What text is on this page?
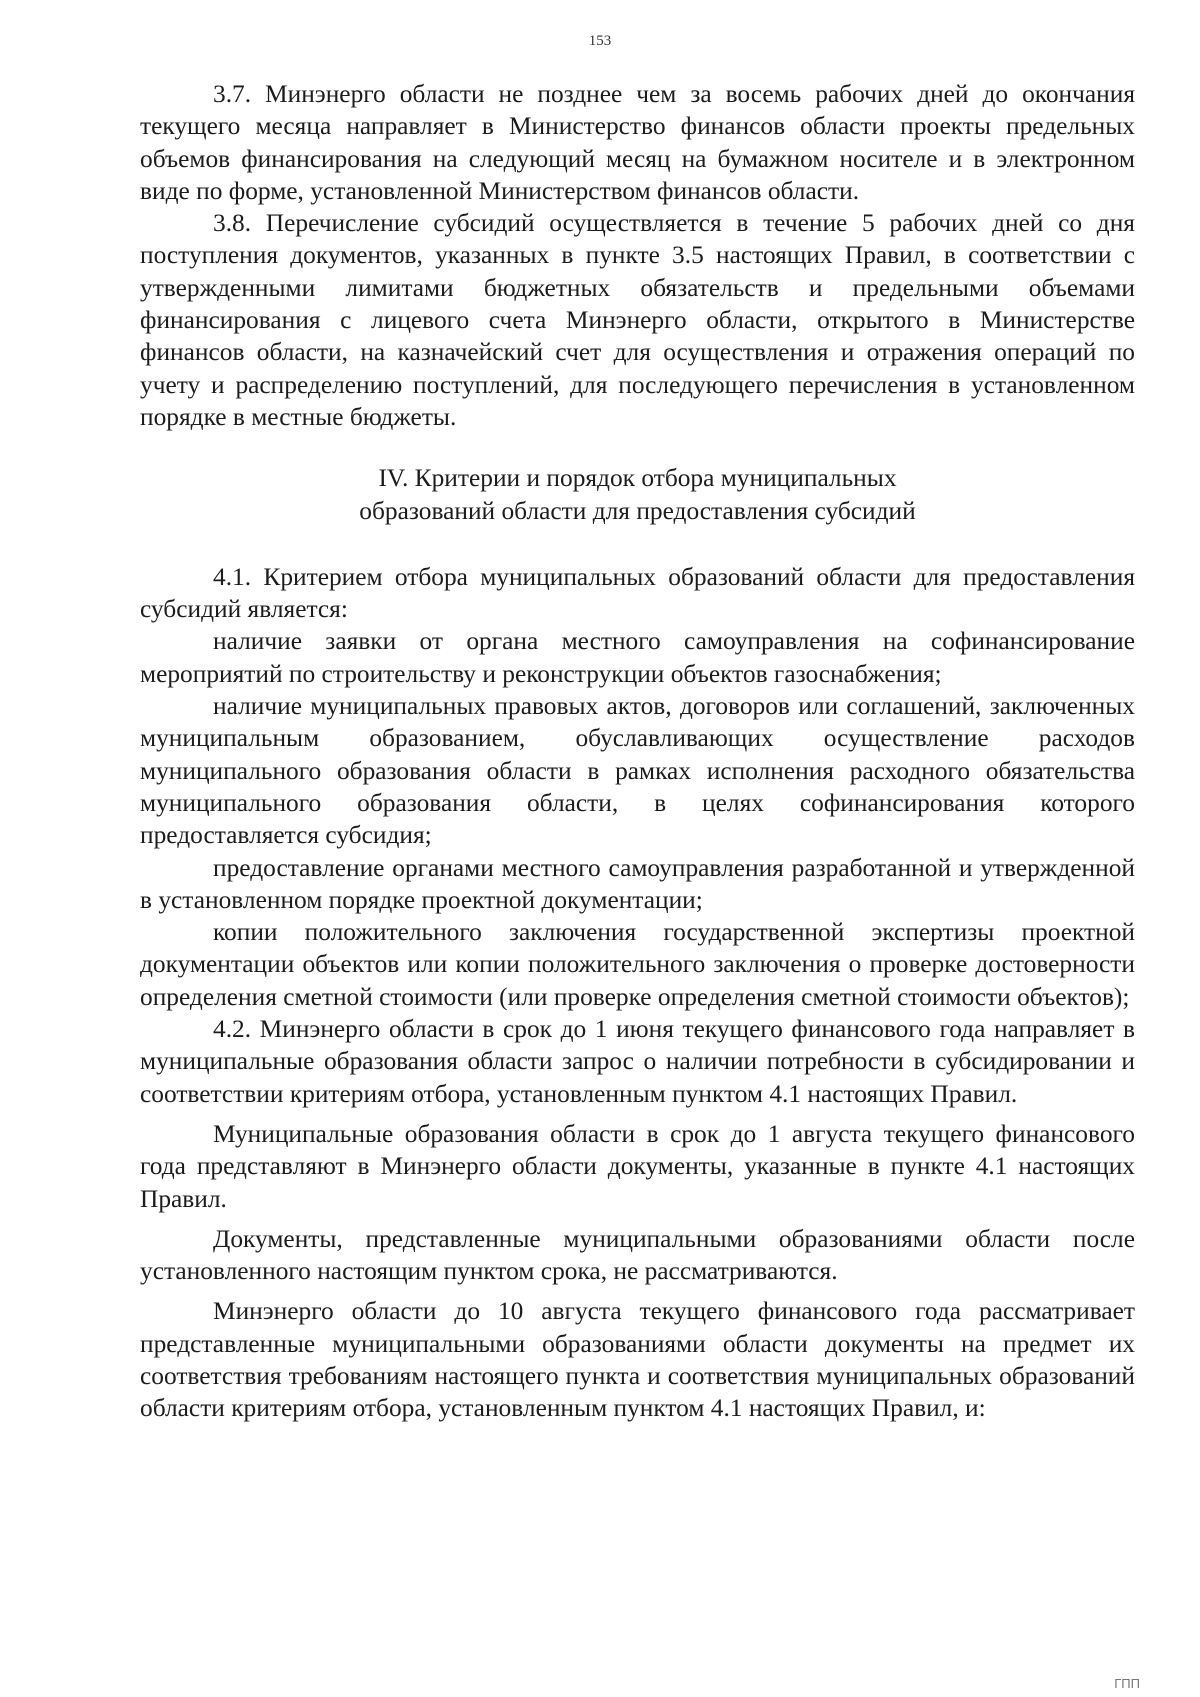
153

3.7. Минэнерго области не позднее чем за восемь рабочих дней до окончания текущего месяца направляет в Министерство финансов области проекты предельных объемов финансирования на следующий месяц на бумажном носителе и в электронном виде по форме, установленной Министерством финансов области.

3.8. Перечисление субсидий осуществляется в течение 5 рабочих дней со дня поступления документов, указанных в пункте 3.5 настоящих Правил, в соответствии с утвержденными лимитами бюджетных обязательств и предельными объемами финансирования с лицевого счета Минэнерго области, открытого в Министерстве финансов области, на казначейский счет для осуществления и отражения операций по учету и распределению поступлений, для последующего перечисления в установленном порядке в местные бюджеты.

IV. Критерии и порядок отбора муниципальных
образований области для предоставления субсидий

4.1. Критерием отбора муниципальных образований области для предоставления субсидий является:

наличие заявки от органа местного самоуправления на софинансирование мероприятий по строительству и реконструкции объектов газоснабжения;

наличие муниципальных правовых актов, договоров или соглашений, заключенных муниципальным образованием, обуславливающих осуществление расходов муниципального образования области в рамках исполнения расходного обязательства муниципального образования области, в целях софинансирования которого предоставляется субсидия;

предоставление органами местного самоуправления разработанной и утвержденной в установленном порядке проектной документации;

копии положительного заключения государственной экспертизы проектной документации объектов или копии положительного заключения о проверке достоверности определения сметной стоимости (или проверке определения сметной стоимости объектов);

4.2. Минэнерго области в срок до 1 июня текущего финансового года направляет в муниципальные образования области запрос о наличии потребности в субсидировании и соответствии критериям отбора, установленным пунктом 4.1 настоящих Правил.

Муниципальные образования области в срок до 1 августа текущего финансового года представляют в Минэнерго области документы, указанные в пункте 4.1 настоящих Правил.

Документы, представленные муниципальными образованиями области после установленного настоящим пунктом срока, не рассматриваются.

Минэнерго области до 10 августа текущего финансового года рассматривает представленные муниципальными образованиями области документы на предмет их соответствия требованиям настоящего пункта и соответствия муниципальных образований области критериям отбора, установленным пунктом 4.1 настоящих Правил, и:

ГПП
